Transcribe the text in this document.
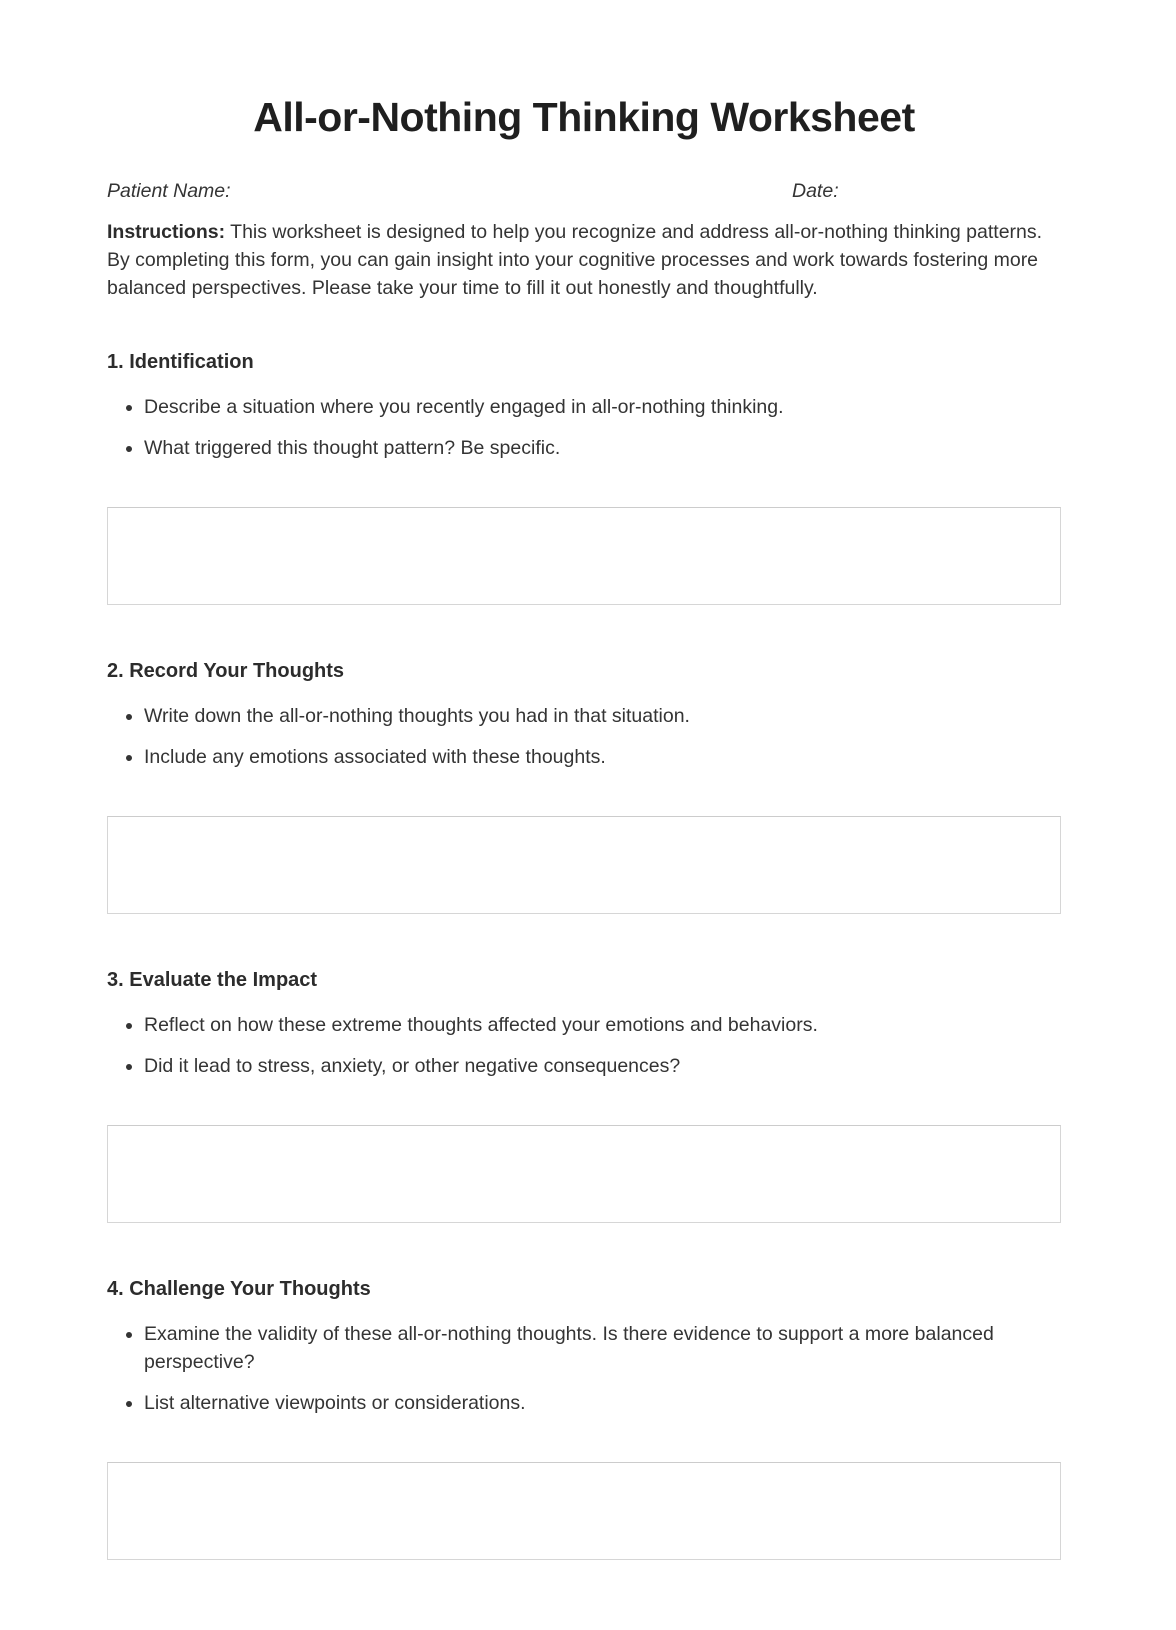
All-or-Nothing Thinking Worksheet
Patient Name:	Date:

Instructions: This worksheet is designed to help you recognize and address all-or-nothing thinking patterns. By completing this form, you can gain insight into your cognitive processes and work towards fostering more balanced perspectives. Please take your time to fill it out honestly and thoughtfully.

1. Identification
• Describe a situation where you recently engaged in all-or-nothing thinking.
• What triggered this thought pattern? Be specific.
2. Record Your Thoughts
• Write down the all-or-nothing thoughts you had in that situation.
• Include any emotions associated with these thoughts.
3. Evaluate the Impact
• Reflect on how these extreme thoughts affected your emotions and behaviors.
• Did it lead to stress, anxiety, or other negative consequences?
4. Challenge Your Thoughts
• Examine the validity of these all-or-nothing thoughts. Is there evidence to support a more balanced perspective?
• List alternative viewpoints or considerations.
